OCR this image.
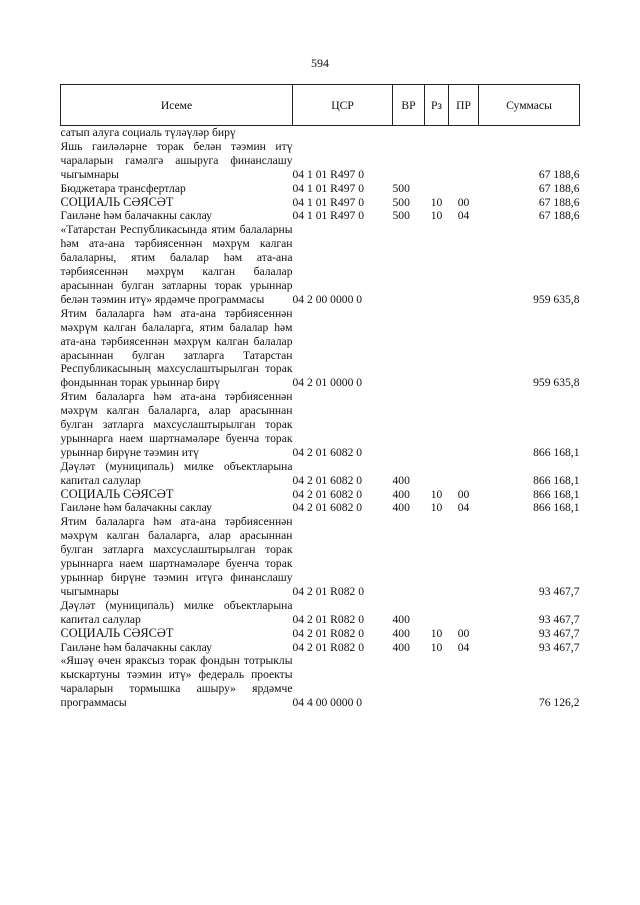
594
Исеме	ЦСР	ВР	Рз	ПР	Суммасы

сатып алуга социаль түләүләр бирү					

Яшь гаиләләрне торак белән тәэмин итү чараларын гамәлгә ашыруга финанслашу чыгымнары	04 1 01 R497 0				67 188,6

Бюджетара трансфертлар	04 1 01 R497 0	500			67 188,6

СОЦИАЛЬ СӘЯСӘТ	04 1 01 R497 0	500	10	00	67 188,6

Гаиләне һәм балачакны саклау	04 1 01 R497 0	500	10	04	67 188,6

«Татарстан Республикасында ятим балаларны һәм ата-ана тәрбиясеннән мәхрүм калган балаларны, ятим балалар һәм ата-ана тәрбиясеннән мәхрүм калган балалар арасыннан булган затларны торак урыннар белән тәэмин итү» ярдәмче программасы	04 2 00 0000 0				959 635,8

Ятим балаларга һәм ата-ана тәрбиясеннән мәхрүм калган балаларга, ятим балалар һәм ата-ана тәрбиясеннән мәхрүм калган балалар арасыннан булган затларга Татарстан Республикасының махсуслаштырылган торак фондыннан торак урыннар бирү	04 2 01 0000 0				959 635,8

Ятим балаларга һәм ата-ана тәрбиясеннән мәхрүм калган балаларга, алар арасыннан булган затларга махсуслаштырылган торак урыннарга наем шартнамәләре буенча торак урыннар бирүне тәэмин итү	04 2 01 6082 0				866 168,1

Дәүләт (муниципаль) милке объектларына капитал салулар	04 2 01 6082 0	400			866 168,1

СОЦИАЛЬ СӘЯСӘТ	04 2 01 6082 0	400	10	00	866 168,1

Гаиләне һәм балачакны саклау	04 2 01 6082 0	400	10	04	866 168,1

Ятим балаларга һәм ата-ана тәрбиясеннән мәхрүм калган балаларга, алар арасыннан булган затларга махсуслаштырылган торак урыннарга наем шартнамәләре буенча торак урыннар бирүне тәэмин итүгә финанслашу чыгымнары	04 2 01 R082 0				93 467,7

Дәүләт (муниципаль) милке объектларына капитал салулар	04 2 01 R082 0	400			93 467,7

СОЦИАЛЬ СӘЯСӘТ	04 2 01 R082 0	400	10	00	93 467,7

Гаиләне һәм балачакны саклау	04 2 01 R082 0	400	10	04	93 467,7

«Яшәү өчен яраксыз торак фондын тотрыклы кыскартуны тәэмин итү» федераль проекты чараларын тормышка ашыру» ярдәмче программасы	04 4 00 0000 0				76 126,2
